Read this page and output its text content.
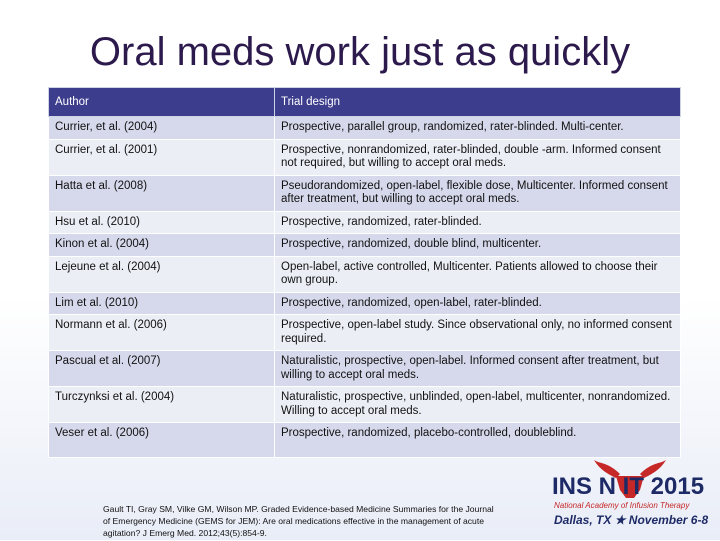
Oral meds work just as quickly
Author	Trial design
Currier, et al. (2004)	Prospective, parallel group, randomized, rater-blinded. Multi-center.
Currier, et al. (2001)	Prospective, nonrandomized, rater-blinded, double -arm. Informed consent not required, but willing to accept oral meds.
Hatta et al. (2008)	Pseudorandomized, open-label, flexible dose, Multicenter. Informed consent after treatment, but willing to accept oral meds.
Hsu et al. (2010)	Prospective, randomized, rater-blinded.
Kinon et al. (2004)	Prospective, randomized, double blind, multicenter.
Lejeune et al. (2004)	Open-label, active controlled, Multicenter. Patients allowed to choose their own group.
Lim et al. (2010)	Prospective, randomized, open-label, rater-blinded.
Normann et al. (2006)	Prospective, open-label study. Since observational only, no informed consent required.
Pascual et al. (2007)	Naturalistic, prospective, open-label. Informed consent after treatment, but
willing to accept oral meds.
Turczynksi et al. (2004)	Naturalistic, prospective, unblinded, open-label, multicenter, nonrandomized. Willing to accept oral meds.
Veser et al. (2006)	Prospective, randomized, placebo-controlled, doubleblind.
Gault TI, Gray SM, Vilke GM, Wilson MP. Graded Evidence-based Medicine Summaries for the Journal of Emergency Medicine (GEMS for JEM): Are oral medications effective in the management of acute agitation? J Emerg Med. 2012;43(5):854-9.
INS N IT 2015
National Academy of Infusion Therapy
Dallas, TX ★ November 6-8
